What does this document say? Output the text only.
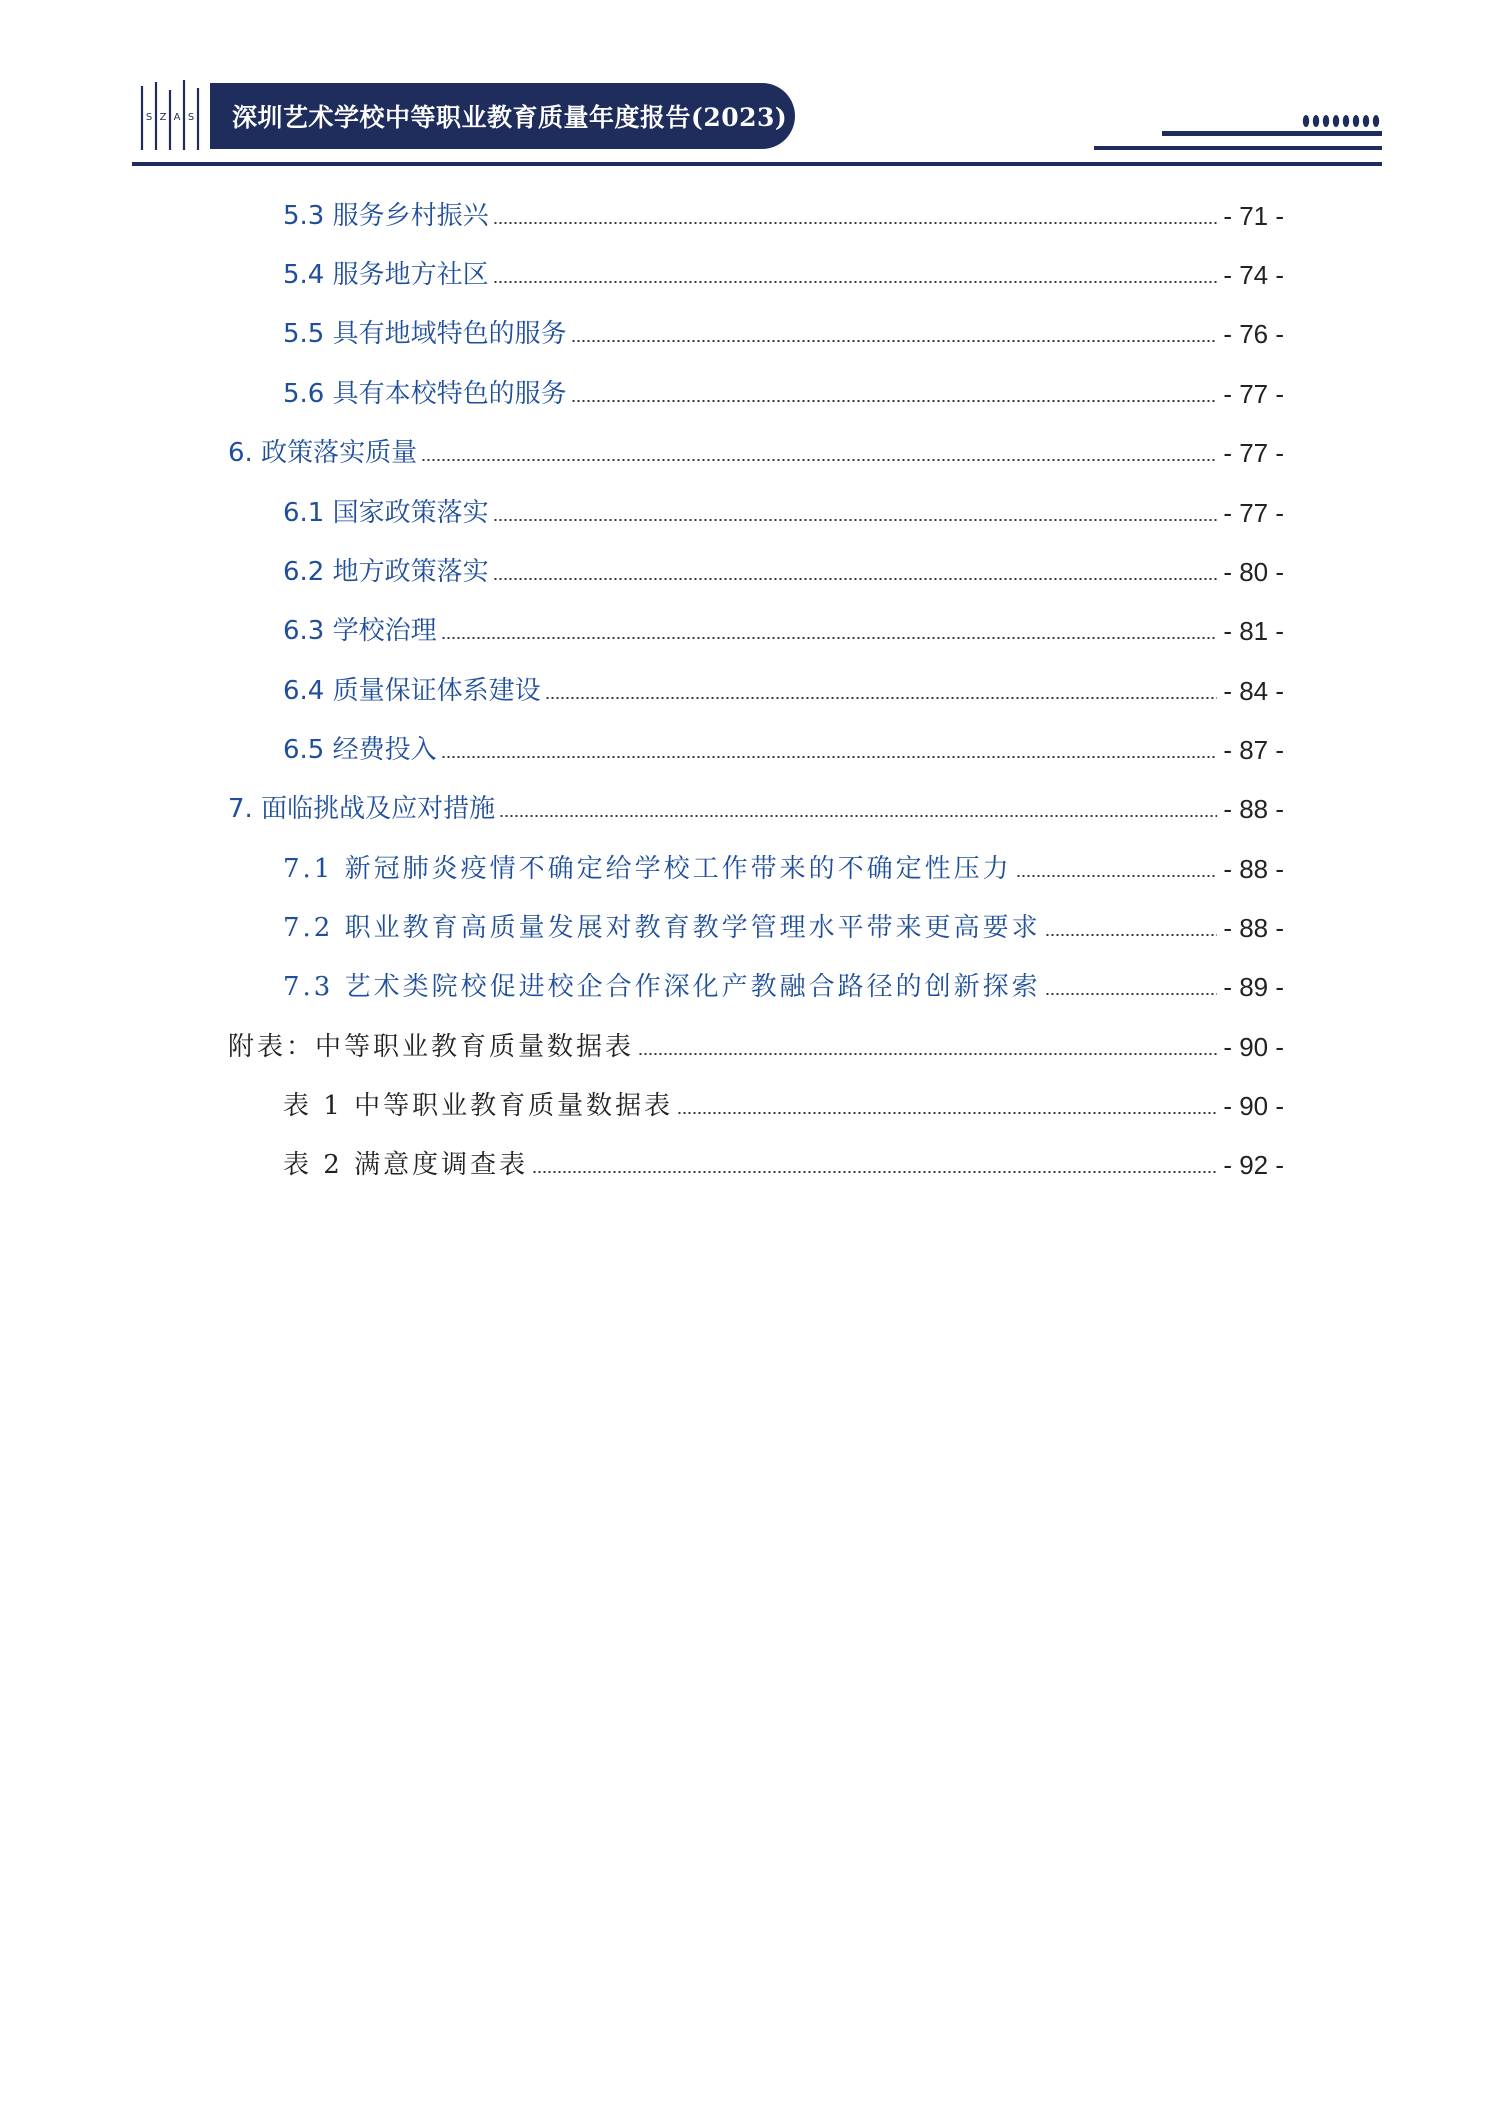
S Z A S 深圳艺术学校中等职业教育质量年度报告(2023)
5.3 服务乡村振兴	- 71 -
5.4 服务地方社区	- 74 -
5.5 具有地域特色的服务	- 76 -
5.6 具有本校特色的服务	- 77 -
6. 政策落实质量	- 77 -
6.1 国家政策落实	- 77 -
6.2 地方政策落实	- 80 -
6.3 学校治理	- 81 -
6.4 质量保证体系建设	- 84 -
6.5 经费投入	- 87 -
7. 面临挑战及应对措施	- 88 -
7.1 新冠肺炎疫情不确定给学校工作带来的不确定性压力	- 88 -
7.2 职业教育高质量发展对教育教学管理水平带来更高要求	- 88 -
7.3 艺术类院校促进校企合作深化产教融合路径的创新探索	- 89 -
附表：中等职业教育质量数据表	- 90 -
表 1 中等职业教育质量数据表	- 90 -
表 2 满意度调查表	- 92 -
